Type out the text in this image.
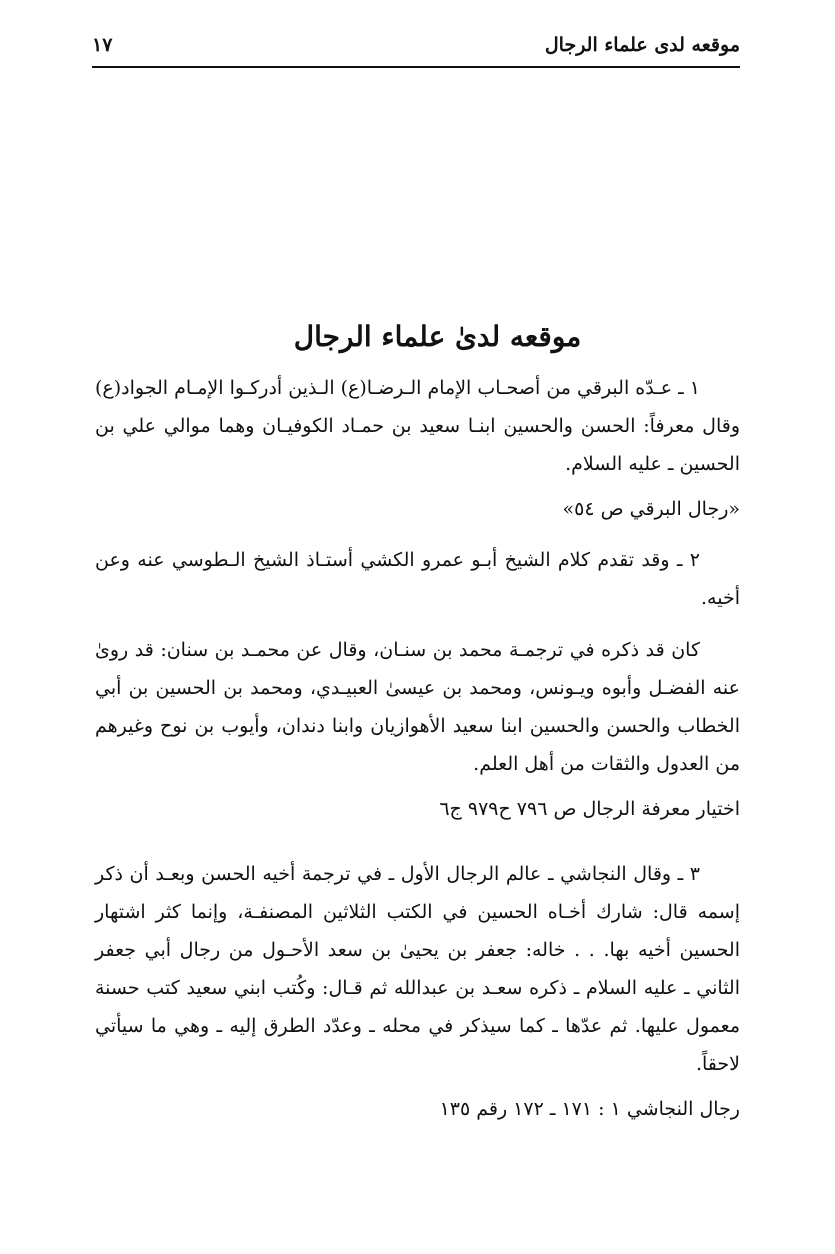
موقعه لدى علماء الرجال
١٧
موقعه لدىٰ علماء الرجال

١ ـ عـدّه البرقي من أصحـاب الإمام الـرضـا(ع) الـذين أدركـوا الإمـام الجواد(ع) وقال معرفاً: الحسن والحسين ابنـا سعيد بن حمـاد الكوفيـان وهما موالي علي بن الحسين ـ عليه السلام.

«رجال البرقي ص ٥٤»

٢ ـ وقد تقدم كلام الشيخ أبـو عمرو الكشي أستـاذ الشيخ الـطوسي عنه وعن أخيه.

كان قد ذكره في ترجمـة محمد بن سنـان، وقال عن محمـد بن سنان: قد روىٰ عنه الفضـل وأبوه ويـونس، ومحمد بن عيسىٰ العبيـدي، ومحمد بن الحسين بن أبي الخطاب والحسن والحسين ابنا سعيد الأهوازيان وابنا دندان، وأيوب بن نوح وغيرهم من العدول والثقات من أهل العلم.

اختيار معرفة الرجال ص ٧٩٦ ح٩٧٩ ج٦

٣ ـ وقال النجاشي ـ عالم الرجال الأول ـ في ترجمة أخيه الحسن وبعـد أن ذكر إسمه قال: شارك أخـاه الحسين في الكتب الثلاثين المصنفـة، وإنما كثر اشتهار الحسين أخيه بها. . . خاله: جعفر بن يحيىٰ بن سعد الأحـول من رجال أبي جعفر الثاني ـ عليه السلام ـ ذكره سعـد بن عبدالله ثم قـال: وكُتب ابني سعيد كتب حسنة معمول عليها. ثم عدّها ـ كما سيذكر في محله ـ وعدّد الطرق إليه ـ وهي ما سيأتي لاحقاً.

رجال النجاشي ١ : ١٧١ ـ ١٧٢ رقم ١٣٥
